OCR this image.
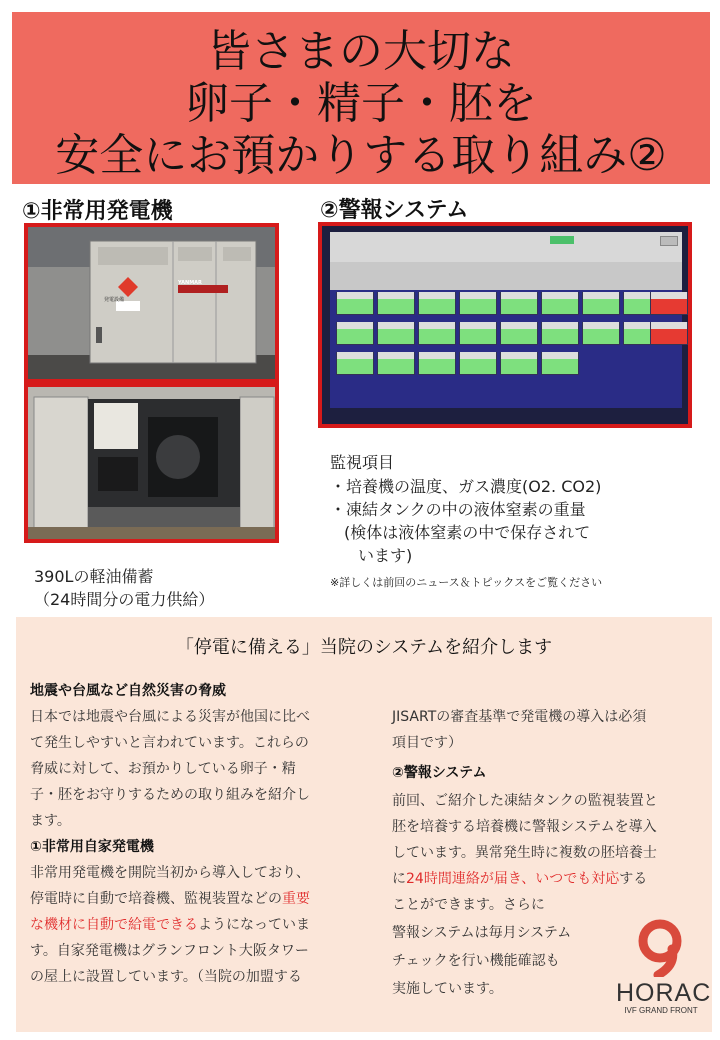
皆さまの大切な
卵子・精子・胚を
安全にお預かりする取り組み②
①非常用発電機	②警報システム
発電設備
YANMAR
390Lの軽油備蓄
（24時間分の電力供給）
監視項目
・培養機の温度、ガス濃度(O2. CO2)
・凍結タンクの中の液体窒素の重量
(検体は液体窒素の中で保存されて
います)
※詳しくは前回のニュース＆トピックスをご覧ください
「停電に備える」当院のシステムを紹介します
地震や台風など自然災害の脅威
日本では地震や台風による災害が他国に比べ
て発生しやすいと言われています。これらの
脅威に対して、お預かりしている卵子・精
子・胚をお守りするための取り組みを紹介し
ます。
①非常用自家発電機
非常用発電機を開院当初から導入しており、
停電時に自動で培養機、監視装置などの重要
な機材に自動で給電できるようになっていま
す。自家発電機はグランフロント大阪タワー
の屋上に設置しています。（当院の加盟する
JISARTの審査基準で発電機の導入は必須
項目です）
②警報システム
前回、ご紹介した凍結タンクの監視装置と
胚を培養する培養機に警報システムを導入
しています。異常発生時に複数の胚培養士
に24時間連絡が届き、いつでも対応する
ことができます。さらに
警報システムは毎月システム
チェックを行い機能確認も
実施しています。	HORAC
IVF GRAND FRONT
